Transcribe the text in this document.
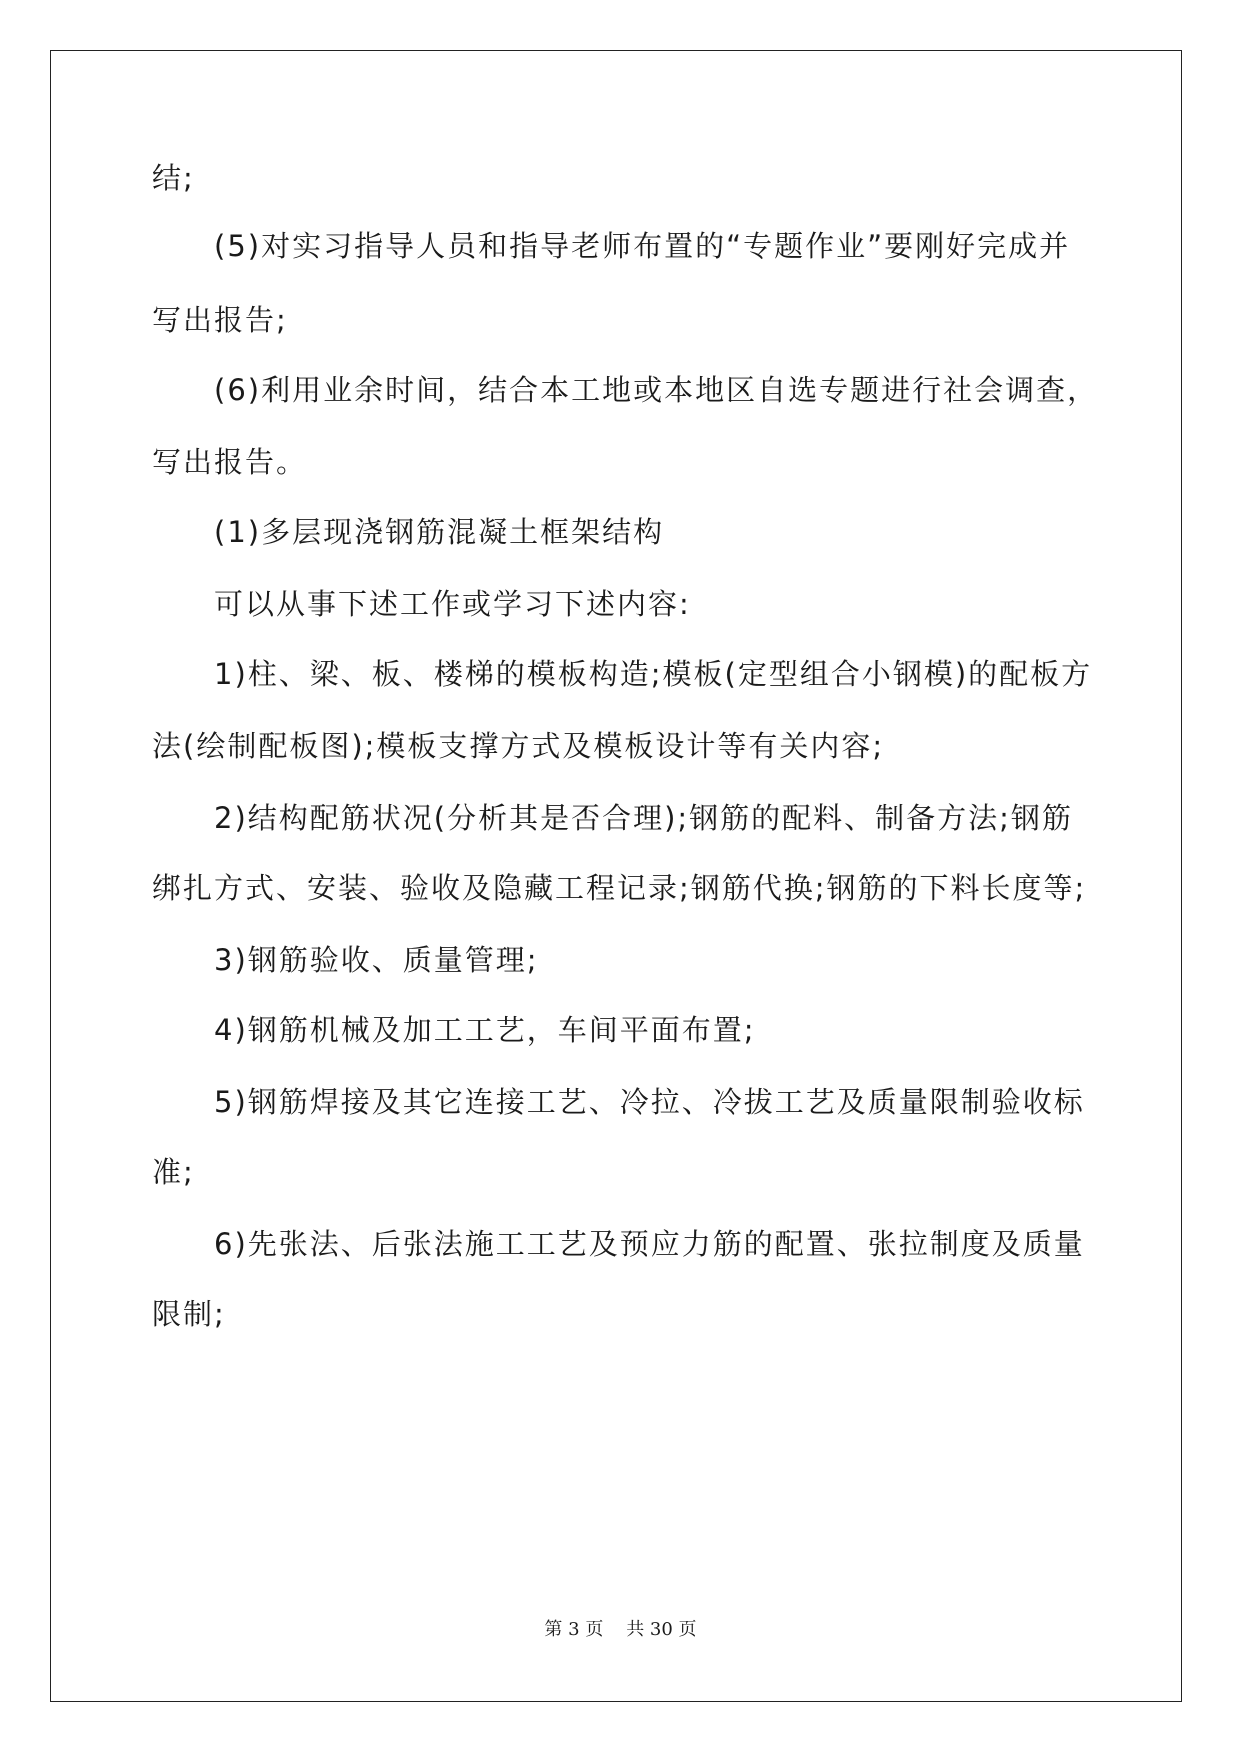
结;
(5)对实习指导人员和指导老师布置的“专题作业”要刚好完成并
写出报告;
(6)利用业余时间，结合本工地或本地区自选专题进行社会调查，
写出报告。
(1)多层现浇钢筋混凝土框架结构
可以从事下述工作或学习下述内容:
1)柱、梁、板、楼梯的模板构造;模板(定型组合小钢模)的配板方
法(绘制配板图);模板支撑方式及模板设计等有关内容;
2)结构配筋状况(分析其是否合理);钢筋的配料、制备方法;钢筋
绑扎方式、安装、验收及隐藏工程记录;钢筋代换;钢筋的下料长度等;
3)钢筋验收、质量管理;
4)钢筋机械及加工工艺，车间平面布置;
5)钢筋焊接及其它连接工艺、冷拉、冷拔工艺及质量限制验收标
准;
6)先张法、后张法施工工艺及预应力筋的配置、张拉制度及质量
限制;
第 3 页    共 30 页
